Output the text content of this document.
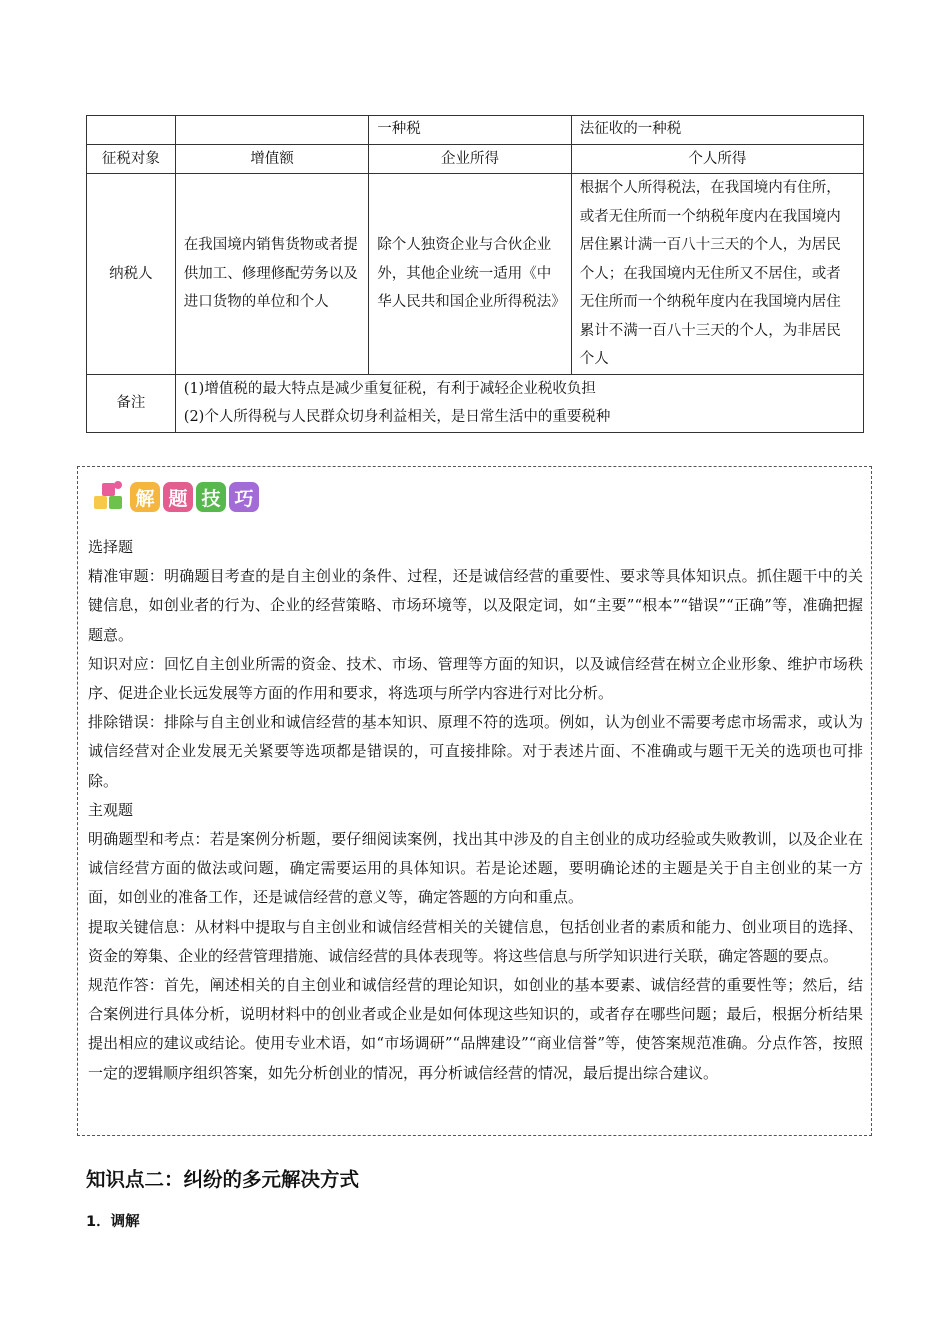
		一种税	法征收的一种税
征税对象	增值额	企业所得	个人所得
纳税人	在我国境内销售货物或者提供加工、修理修配劳务以及进口货物的单位和个人	除个人独资企业与合伙企业外，其他企业统一适用《中华人民共和国企业所得税法》	根据个人所得税法，在我国境内有住所，或者无住所而一个纳税年度内在我国境内居住累计满一百八十三天的个人，为居民个人；在我国境内无住所又不居住，或者无住所而一个纳税年度内在我国境内居住累计不满一百八十三天的个人，为非居民个人
备注	(1)增值税的最大特点是减少重复征税，有利于减轻企业税收负担
(2)个人所得税与人民群众切身利益相关，是日常生活中的重要税种		
解 题 技 巧

选择题

精准审题：明确题目考查的是自主创业的条件、过程，还是诚信经营的重要性、要求等具体知识点。抓住题干中的关键信息，如创业者的行为、企业的经营策略、市场环境等，以及限定词，如“主要”“根本”“错误”“正确”等，准确把握题意。

知识对应：回忆自主创业所需的资金、技术、市场、管理等方面的知识，以及诚信经营在树立企业形象、维护市场秩序、促进企业长远发展等方面的作用和要求，将选项与所学内容进行对比分析。

排除错误：排除与自主创业和诚信经营的基本知识、原理不符的选项。例如，认为创业不需要考虑市场需求，或认为诚信经营对企业发展无关紧要等选项都是错误的，可直接排除。对于表述片面、不准确或与题干无关的选项也可排除。

主观题

明确题型和考点：若是案例分析题，要仔细阅读案例，找出其中涉及的自主创业的成功经验或失败教训，以及企业在诚信经营方面的做法或问题，确定需要运用的具体知识。若是论述题，要明确论述的主题是关于自主创业的某一方面，如创业的准备工作，还是诚信经营的意义等，确定答题的方向和重点。

提取关键信息：从材料中提取与自主创业和诚信经营相关的关键信息，包括创业者的素质和能力、创业项目的选择、资金的筹集、企业的经营管理措施、诚信经营的具体表现等。将这些信息与所学知识进行关联，确定答题的要点。

规范作答：首先，阐述相关的自主创业和诚信经营的理论知识，如创业的基本要素、诚信经营的重要性等；然后，结合案例进行具体分析，说明材料中的创业者或企业是如何体现这些知识的，或者存在哪些问题；最后，根据分析结果提出相应的建议或结论。使用专业术语，如“市场调研”“品牌建设”“商业信誉”等，使答案规范准确。分点作答，按照一定的逻辑顺序组织答案，如先分析创业的情况，再分析诚信经营的情况，最后提出综合建议。

知识点二：纠纷的多元解决方式
1．调解
